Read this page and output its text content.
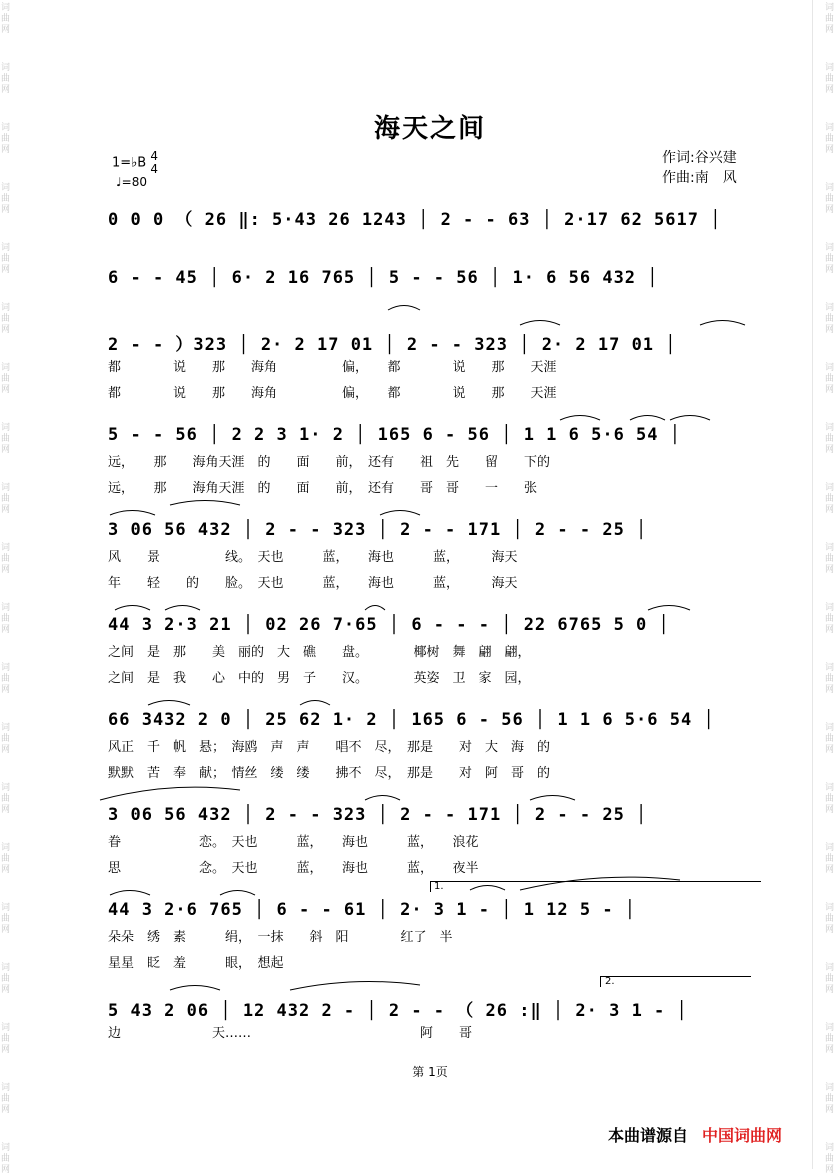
词
曲
网
词
曲
网
词
曲
网
词
曲
网
词
曲
网
词
曲
网
词
曲
网
词
曲
网
词
曲
网
词
曲
网
词
曲
网
词
曲
网
词
曲
网
词
曲
网
词
曲
网
词
曲
网
词
曲
网
词
曲
网
词
曲
网
词
曲
网
词
曲
网
词
曲
网
词
曲
网
词
曲
网
词
曲
网
词
曲
网
词
曲
网
词
曲
网
词
曲
网
词
曲
网
词
曲
网
词
曲
网
词
曲
网
词
曲
网
词
曲
网
词
曲
网
词
曲
网
词
曲
网
词
曲
网
词
曲
网
海天之间
1=♭B 4
4
♩=80
作词:谷兴建
作曲:南　风
0 0 0 （ 26 ‖: 5·43 26 1243 │ 2 - - 63 │ 2·17 62 5617 │
6 - - 45 │ 6· 2 16 765 │ 5 - - 56 │ 1· 6 56 432 │
2 - - ）323 │ 2· 2 17 01 │ 2 - - 323 │ 2· 2 17 01 │
都　　　　说　　那　　海角　　　　　偏，　　都　　　　说　　那　　天涯
都　　　　说　　那　　海角　　　　　偏，　　都　　　　说　　那　　天涯
5 - - 56 │ 2 2 3 1· 2 │ 165 6 - 56 │ 1 1 6 5·6 54 │
远，　　那　　海角天涯　的　　面　　前，　还有　　祖　先　　留　　下的
远，　　那　　海角天涯　的　　面　　前，　还有　　哥　哥　　一　　张
3 06 56 432 │ 2 - - 323 │ 2 - - 171 │ 2 - - 25 │
风　　景　　　　　线。　天也　　　蓝，　　海也　　　蓝，　　　海天
年　　轻　　的　　脸。　天也　　　蓝，　　海也　　　蓝，　　　海天
44 3 2·3 21 │ 02 26 7·65 │ 6 - - - │ 22 6765 5 0 │
之间　是　那　　美　丽的　大　礁　　盘。　　　　椰树　舞　翩　翩，
之间　是　我　　心　中的　男　子　　汉。　　　　英姿　卫　家　园，
66 3432 2 0 │ 25 62 1· 2 │ 165 6 - 56 │ 1 1 6 5·6 54 │
风正　千　帆　悬；　海鸥　声　声　　唱不　尽，　那是　　对　大　海　的
默默　苦　奉　献；　情丝　缕　缕　　拂不　尽，　那是　　对　阿　哥　的
3 06 56 432 │ 2 - - 323 │ 2 - - 171 │ 2 - - 25 │
眷　　　　　　恋。　天也　　　蓝，　　海也　　　蓝，　　浪花
思　　　　　　念。　天也　　　蓝，　　海也　　　蓝，　　夜半
44 3 2·6 765 │ 6 - - 61 │ 2· 3 1 - │ 1 12 5 - │
朵朵　绣　素　　　绢，　一抹　　斜　阳　　　　红了　半
星星　眨　羞　　　眼，　想起
5 43 2 06 │ 12 432 2 - │ 2 - - （ 26 :‖ │ 2· 3 1 - │
边　　　　　　　天……　　　　　　　　　　　　　阿　　哥
1.
2.
第 1页
本曲谱源自 中国词曲网
